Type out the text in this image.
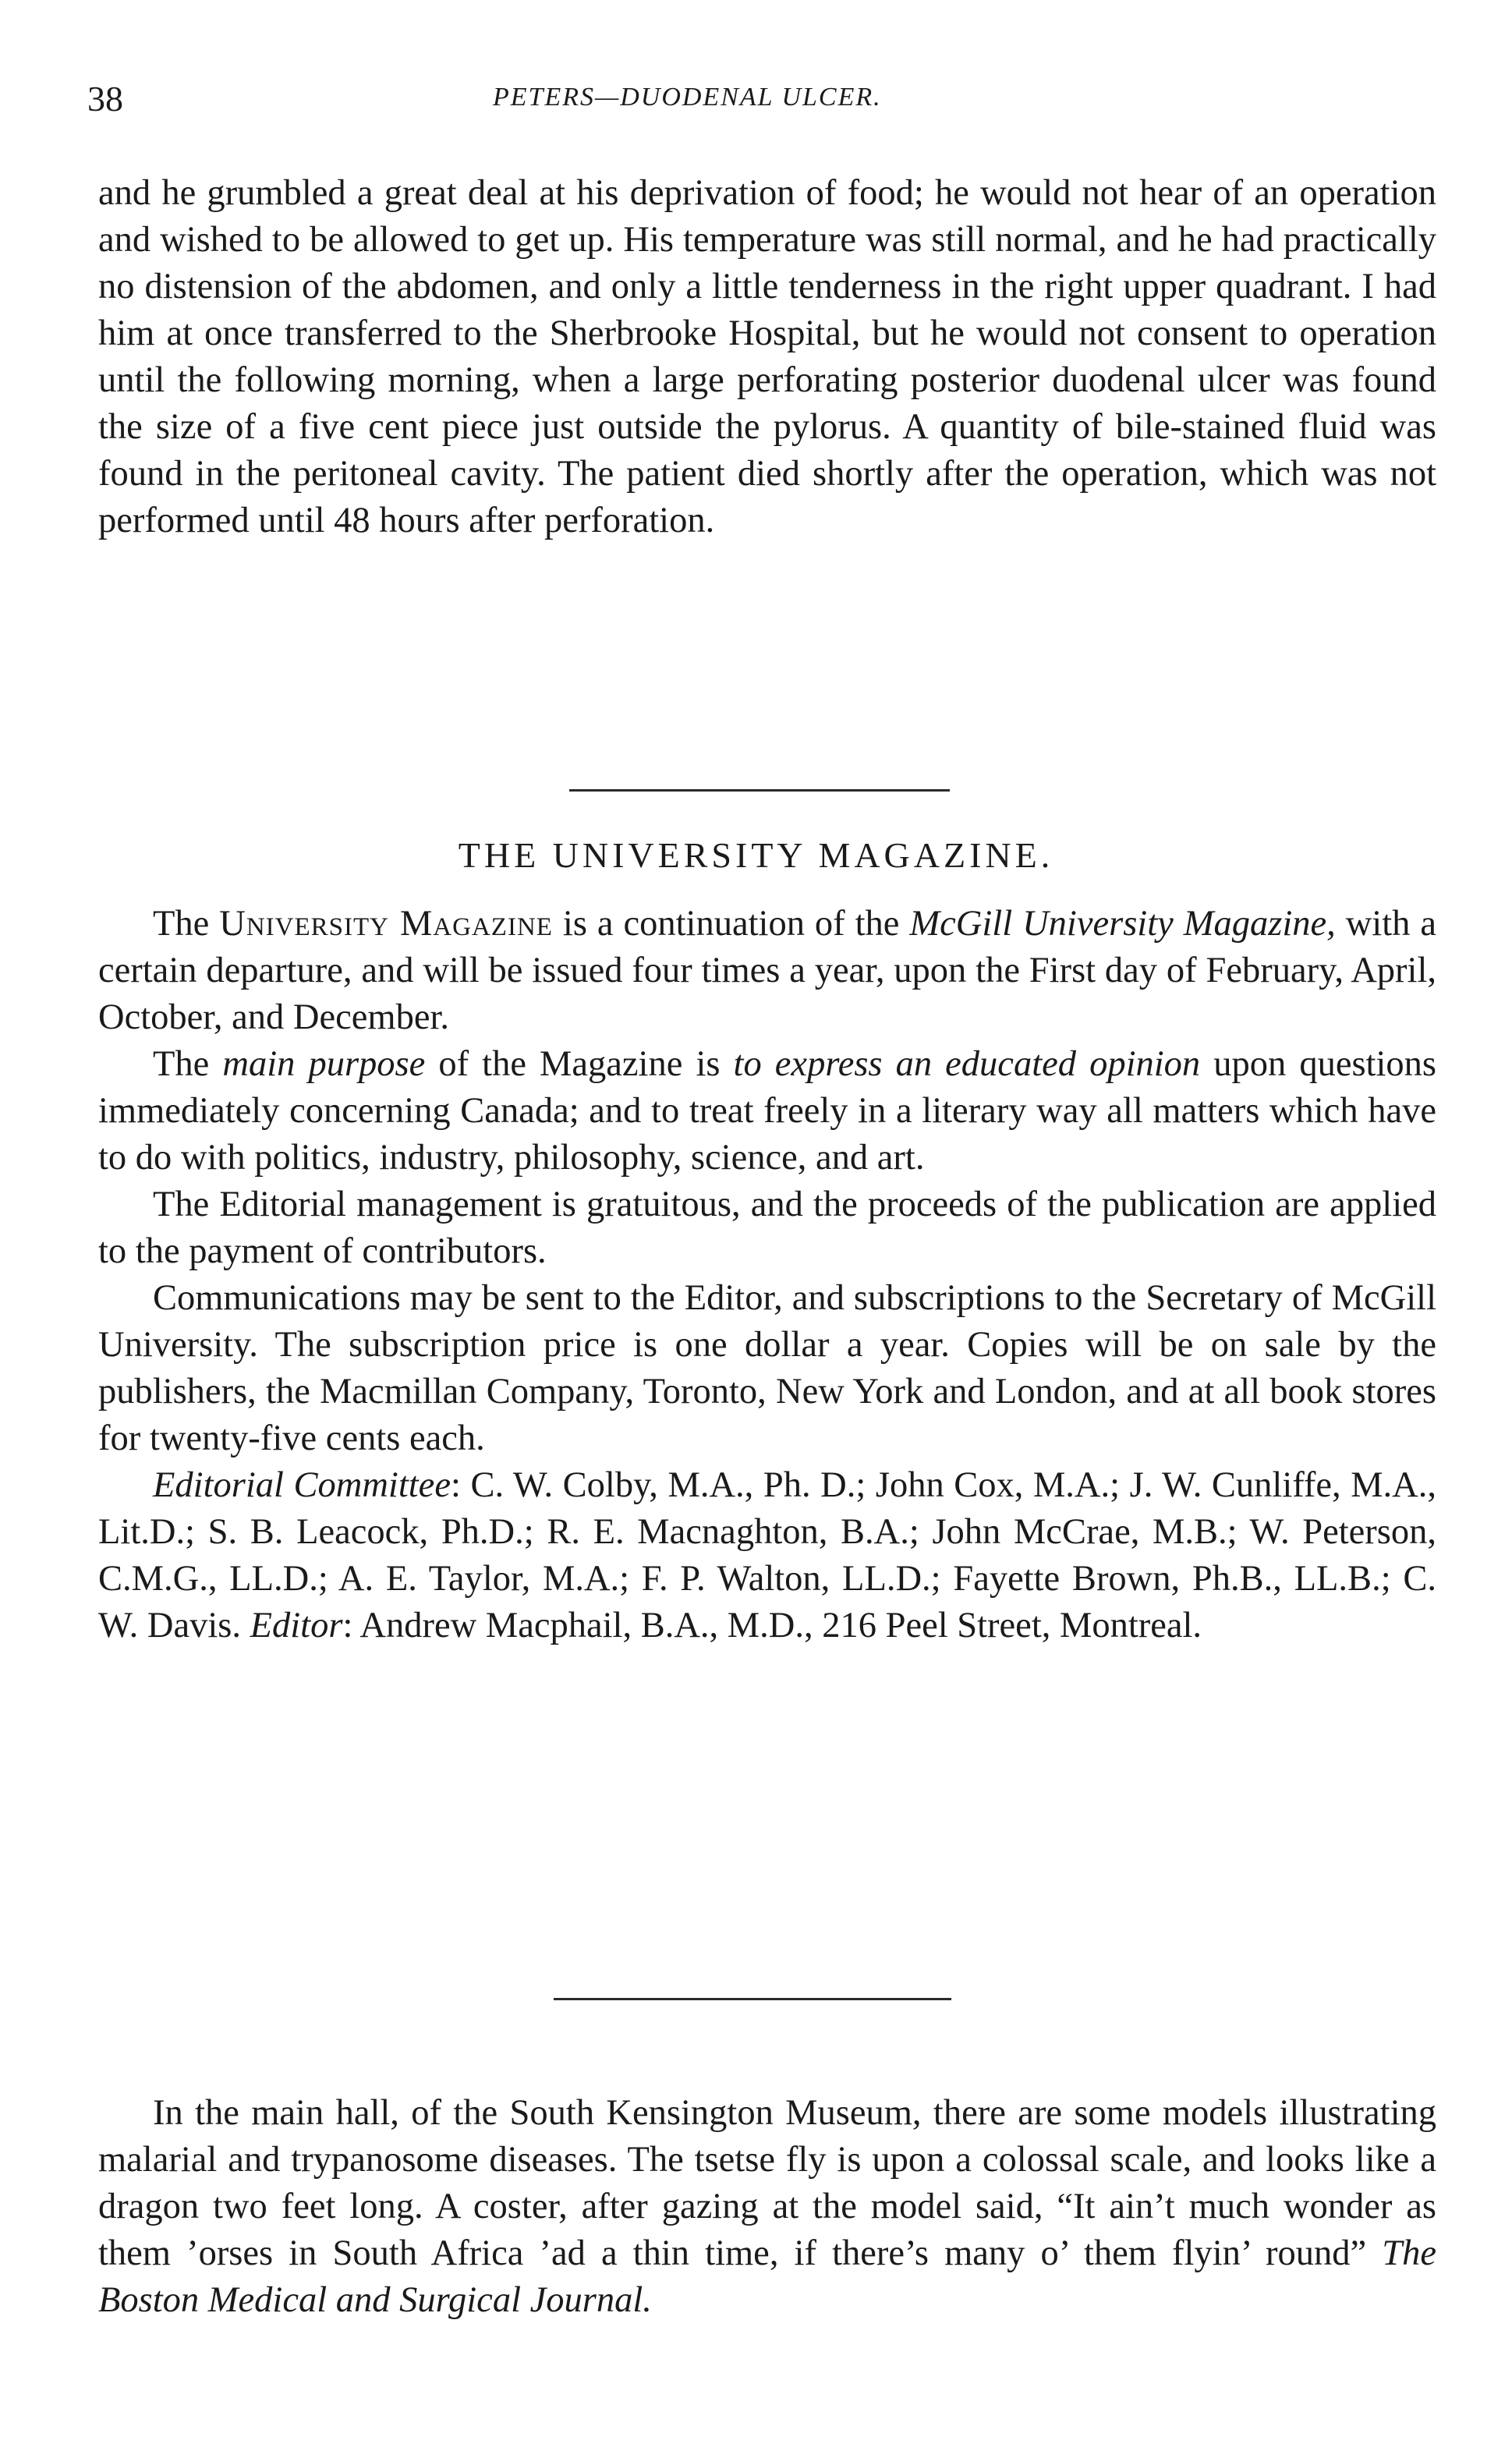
38	PETERS—DUODENAL ULCER.

and he grumbled a great deal at his deprivation of food; he would not hear of an operation and wished to be allowed to get up. His temperature was still normal, and he had practically no distension of the abdomen, and only a little tenderness in the right upper quadrant. I had him at once transferred to the Sherbrooke Hospital, but he would not consent to operation until the following morning, when a large perforating posterior duodenal ulcer was found the size of a five cent piece just outside the pylorus. A quantity of bile-stained fluid was found in the peritoneal cavity. The patient died shortly after the operation, which was not performed until 48 hours after perforation.

THE UNIVERSITY MAGAZINE.

The University Magazine is a continuation of the McGill University Magazine, with a certain departure, and will be issued four times a year, upon the First day of February, April, October, and December.

The main purpose of the Magazine is to express an educated opinion upon questions immediately concerning Canada; and to treat freely in a literary way all matters which have to do with politics, industry, philosophy, science, and art.

The Editorial management is gratuitous, and the proceeds of the publication are applied to the payment of contributors.

Communications may be sent to the Editor, and subscriptions to the Secretary of McGill University. The subscription price is one dollar a year. Copies will be on sale by the publishers, the Macmillan Company, Toronto, New York and London, and at all book stores for twenty-five cents each.

Editorial Committee: C. W. Colby, M.A., Ph. D.; John Cox, M.A.; J. W. Cunliffe, M.A., Lit.D.; S. B. Leacock, Ph.D.; R. E. Macnaghton, B.A.; John McCrae, M.B.; W. Peterson, C.M.G., LL.D.; A. E. Taylor, M.A.; F. P. Walton, LL.D.; Fayette Brown, Ph.B., LL.B.; C. W. Davis. Editor: Andrew Macphail, B.A., M.D., 216 Peel Street, Montreal.

In the main hall, of the South Kensington Museum, there are some models illustrating malarial and trypanosome diseases. The tsetse fly is upon a colossal scale, and looks like a dragon two feet long. A coster, after gazing at the model said, “It ain’t much wonder as them ’orses in South Africa ’ad a thin time, if there’s many o’ them flyin’ round” The Boston Medical and Surgical Journal.
